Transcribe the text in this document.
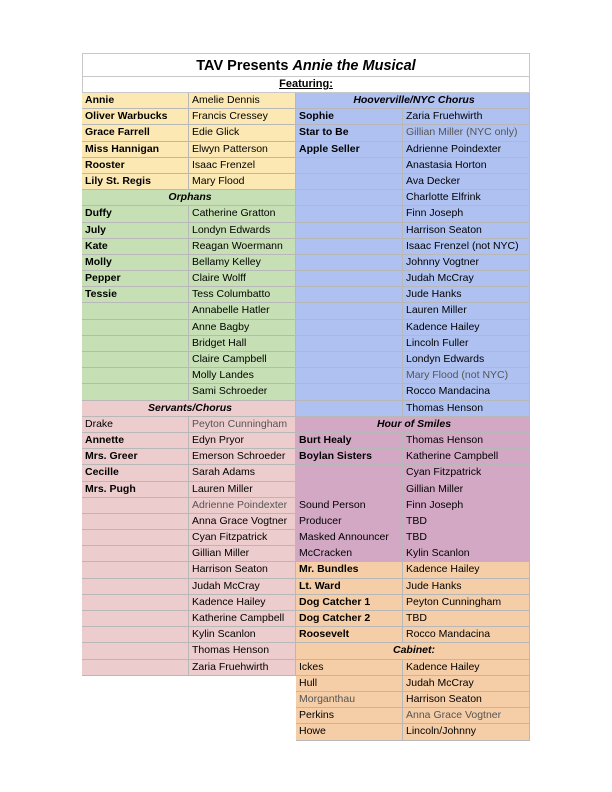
TAV Presents Annie the Musical
Featuring:
Annie	Amelie Dennis
Oliver Warbucks	Francis Cressey
Grace Farrell	Edie Glick
Miss Hannigan	Elwyn Patterson
Rooster	Isaac Frenzel
Lily St. Regis	Mary Flood
Orphans
Duffy	Catherine Gratton
July	Londyn Edwards
Kate	Reagan Woermann
Molly	Bellamy Kelley
Pepper	Claire Wolff
Tessie	Tess Columbatto
Annabelle Hatler
Anne Bagby
Bridget Hall
Claire Campbell
Molly Landes
Sami Schroeder
Servants/Chorus
Drake	Peyton Cunningham
Annette	Edyn Pryor
Mrs. Greer	Emerson Schroeder
Cecille	Sarah Adams
Mrs. Pugh	Lauren Miller
Adrienne Poindexter
Anna Grace Vogtner
Cyan Fitzpatrick
Gillian Miller
Harrison Seaton
Judah McCray
Kadence Hailey
Katherine Campbell
Kylin Scanlon
Thomas Henson
Zaria Fruehwirth
Hooverville/NYC Chorus
Sophie	Zaria Fruehwirth
Star to Be	Gillian Miller (NYC only)
Apple Seller	Adrienne Poindexter
Anastasia Horton
Ava Decker
Charlotte Elfrink
Finn Joseph
Harrison Seaton
Isaac Frenzel (not NYC)
Johnny Vogtner
Judah McCray
Jude Hanks
Lauren Miller
Kadence Hailey
Lincoln Fuller
Londyn Edwards
Mary Flood (not NYC)
Rocco Mandacina
Thomas Henson
Hour of Smiles
Burt Healy	Thomas Henson
Boylan Sisters	Katherine Campbell
Cyan Fitzpatrick
Gillian Miller
Sound Person	Finn Joseph
Producer	TBD
Masked Announcer	TBD
McCracken	Kylin Scanlon
Mr. Bundles	Kadence Hailey
Lt. Ward	Jude Hanks
Dog Catcher 1	Peyton Cunningham
Dog Catcher 2	TBD
Roosevelt	Rocco Mandacina
Cabinet:
Ickes	Kadence Hailey
Hull	Judah McCray
Morganthau	Harrison Seaton
Perkins	Anna Grace Vogtner
Howe	Lincoln/Johnny
